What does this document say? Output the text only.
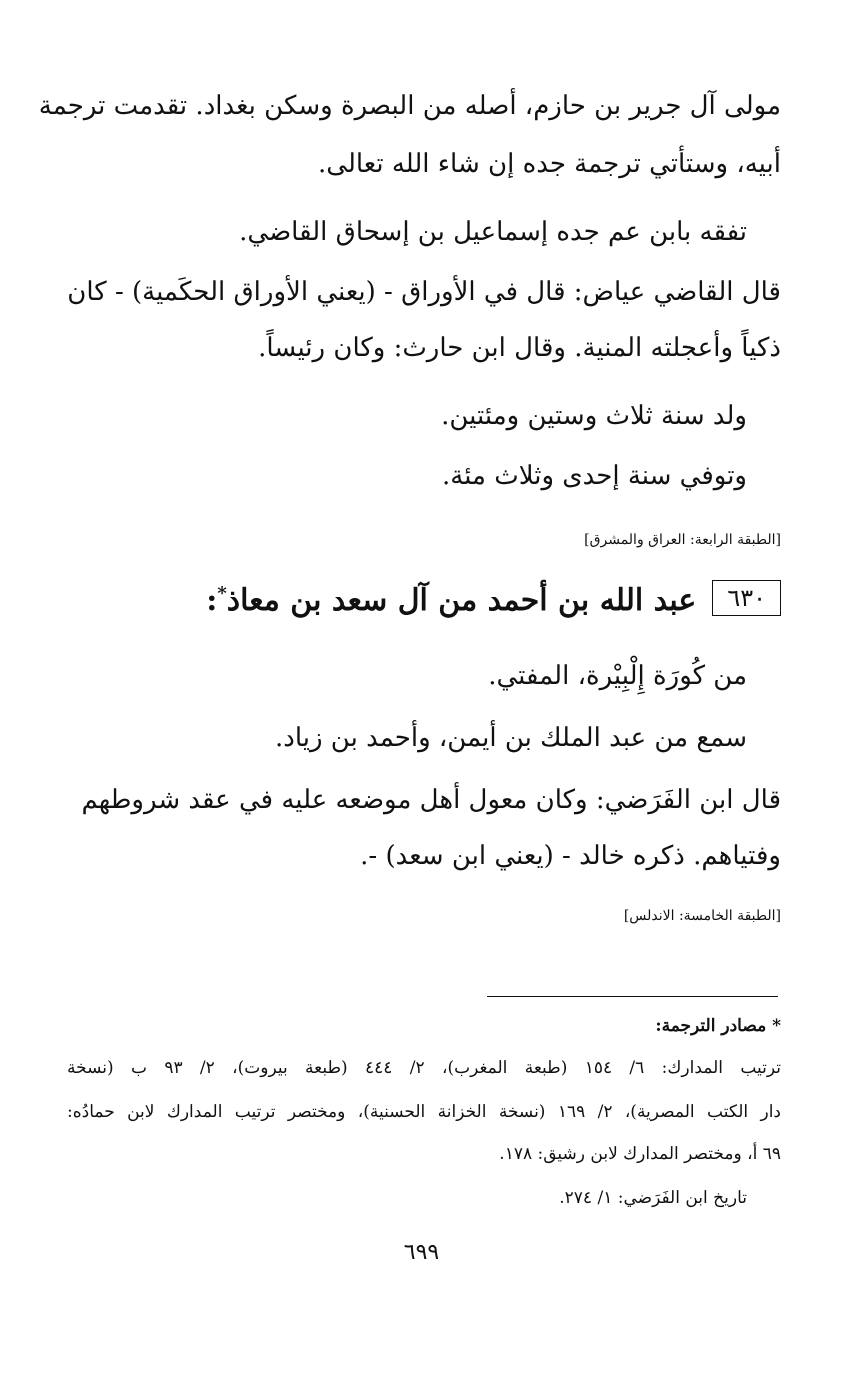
مولى آل جرير بن حازم، أصله من البصرة وسكن بغداد. تقدمت ترجمة
أبيه، وستأتي ترجمة جده إن شاء الله تعالى.
تفقه بابن عم جده إسماعيل بن إسحاق القاضي.
قال القاضي عياض: قال في الأوراق - (يعني الأوراق الحكَمية) - كان
ذكياً وأعجلته المنية. وقال ابن حارث: وكان رئيساً.
ولد سنة ثلاث وستين ومئتين.
وتوفي سنة إحدى وثلاث مئة.
[الطبقة الرابعة: العراق والمشرق]
٦٣٠
عبد الله بن أحمد من آل سعد بن معاذ*:
من كُورَة إِلْبِيْرة، المفتي.
سمع من عبد الملك بن أيمن، وأحمد بن زياد.
قال ابن الفَرَضي: وكان معول أهل موضعه عليه في عقد شروطهم
وفتياهم. ذكره خالد - (يعني ابن سعد) -.
[الطبقة الخامسة: الاندلس]
* مصادر الترجمة:
ترتيب المدارك: ٦/ ١٥٤ (طبعة المغرب)، ٢/ ٤٤٤ (طبعة بيروت)، ٢/ ٩٣ ب (نسخة
دار الكتب المصرية)، ٢/ ١٦٩ (نسخة الخزانة الحسنية)، ومختصر ترتيب المدارك لابن حمادُه:
٦٩ أ، ومختصر المدارك لابن رشيق: ١٧٨.
تاريخ ابن الفَرَضي: ١/ ٢٧٤.
٦٩٩
